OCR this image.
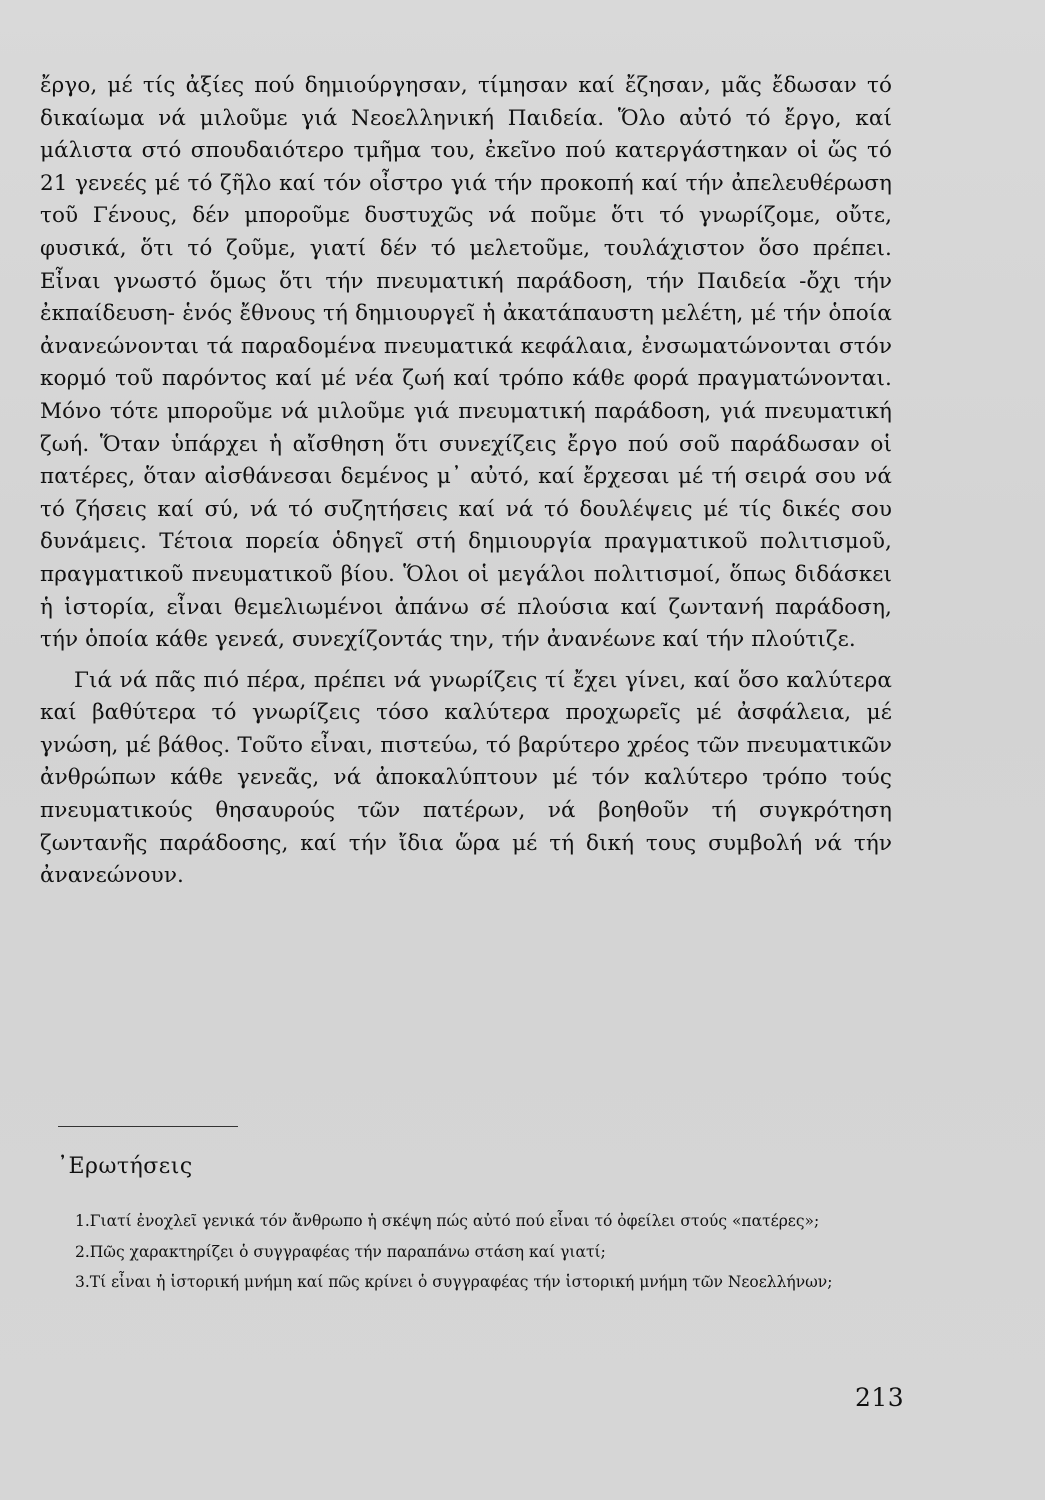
ἔργο, μέ τίς ἀξίες πού δημιούργησαν, τίμησαν καί ἔζησαν, μᾶς ἔδωσαν τό δικαίωμα νά μιλοῦμε γιά Νεοελληνική Παιδεία. Ὅλο αὐτό τό ἔργο, καί μάλιστα στό σπουδαιότερο τμῆμα του, ἐκεῖνο πού κατεργάστηκαν οἱ ὥς τό 21 γενεές μέ τό ζῆλο καί τόν οἶστρο γιά τήν προκοπή καί τήν ἀπελευθέρωση τοῦ Γένους, δέν μποροῦμε δυστυχῶς νά ποῦμε ὅτι τό γνωρίζομε, οὔτε, φυσικά, ὅτι τό ζοῦμε, γιατί δέν τό μελετοῦμε, τουλάχιστον ὅσο πρέπει. Εἶναι γνωστό ὅμως ὅτι τήν πνευματική παράδοση, τήν Παιδεία -ὄχι τήν ἐκπαίδευση- ἑνός ἔθνους τή δημιουργεῖ ἡ ἀκατάπαυστη μελέτη, μέ τήν ὁποία ἀνανεώνονται τά παραδομένα πνευματικά κεφάλαια, ἐνσωματώνονται στόν κορμό τοῦ παρόντος καί μέ νέα ζωή καί τρόπο κάθε φορά πραγματώνονται. Μόνο τότε μποροῦμε νά μιλοῦμε γιά πνευματική παράδοση, γιά πνευματική ζωή. Ὅταν ὑπάρχει ἡ αἴσθηση ὅτι συνεχίζεις ἔργο πού σοῦ παράδωσαν οἱ πατέρες, ὅταν αἰσθάνεσαι δεμένος μ᾽ αὐτό, καί ἔρχεσαι μέ τή σειρά σου νά τό ζήσεις καί σύ, νά τό συζητήσεις καί νά τό δουλέψεις μέ τίς δικές σου δυνάμεις. Τέτοια πορεία ὁδηγεῖ στή δημιουργία πραγματικοῦ πολιτισμοῦ, πραγματικοῦ πνευματικοῦ βίου. Ὅλοι οἱ μεγάλοι πολιτισμοί, ὅπως διδάσκει ἡ ἱστορία, εἶναι θεμελιωμένοι ἀπάνω σέ πλούσια καί ζωντανή παράδοση, τήν ὁποία κάθε γενεά, συνεχίζοντάς την, τήν ἀνανέωνε καί τήν πλούτιζε.

Γιά νά πᾶς πιό πέρα, πρέπει νά γνωρίζεις τί ἔχει γίνει, καί ὅσο καλύτερα καί βαθύτερα τό γνωρίζεις τόσο καλύτερα προχωρεῖς μέ ἀσφάλεια, μέ γνώση, μέ βάθος. Τοῦτο εἶναι, πιστεύω, τό βαρύτερο χρέος τῶν πνευματικῶν ἀνθρώπων κάθε γενεᾶς, νά ἀποκαλύπτουν μέ τόν καλύτερο τρόπο τούς πνευματικούς θησαυρούς τῶν πατέρων, νά βοηθοῦν τή συγκρότηση ζωντανῆς παράδοσης, καί τήν ἴδια ὥρα μέ τή δική τους συμβολή νά τήν ἀνανεώνουν.

᾿Ερωτήσεις
1.Γιατί ἐνοχλεῖ γενικά τόν ἄνθρωπο ἡ σκέψη πώς αὐτό πού εἶναι τό ὀφείλει στούς «πατέρες»;
2.Πῶς χαρακτηρίζει ὁ συγγραφέας τήν παραπάνω στάση καί γιατί;
3.Τί εἶναι ἡ ἱστορική μνήμη καί πῶς κρίνει ὁ συγγραφέας τήν ἱστορική μνήμη τῶν Νεοελλήνων;
213
